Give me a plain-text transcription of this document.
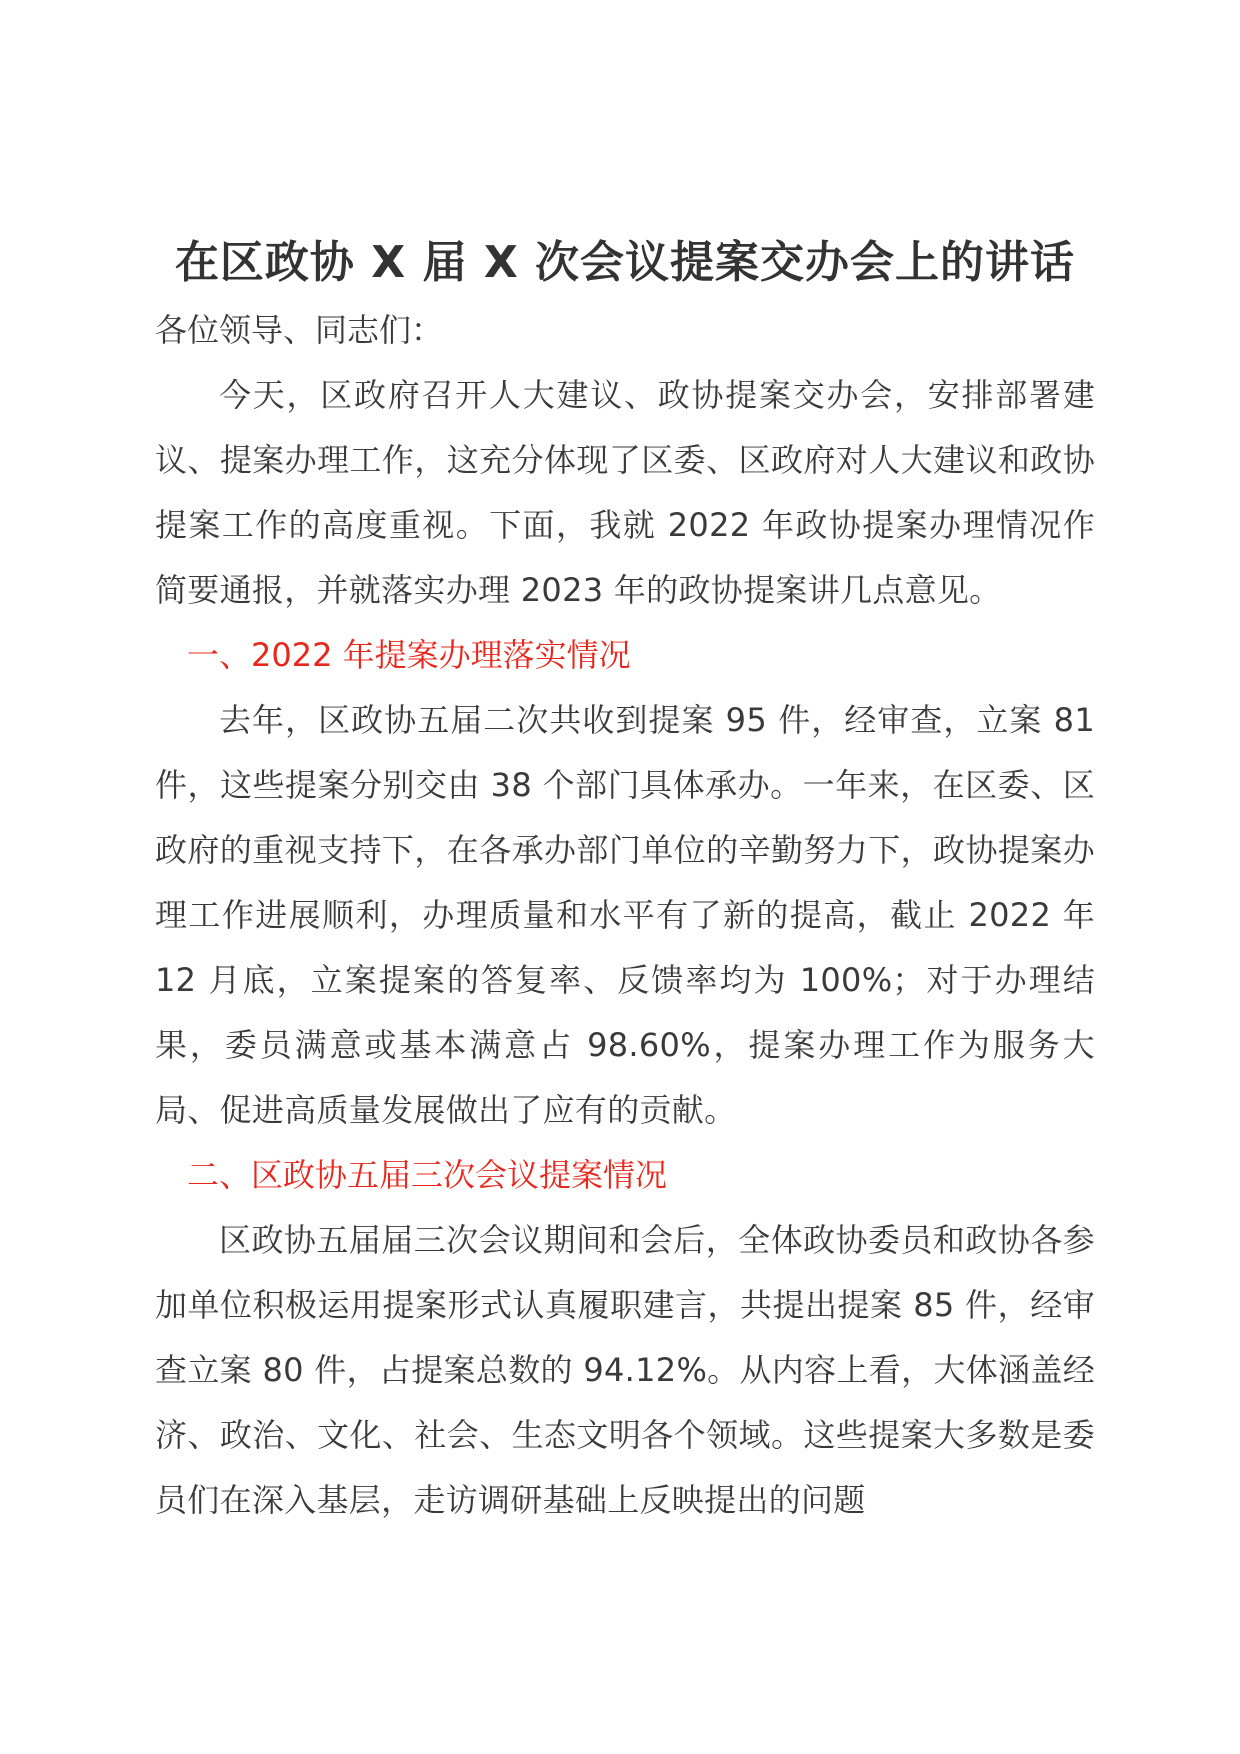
在区政协 X 届 X 次会议提案交办会上的讲话

各位领导、同志们：

今天，区政府召开人大建议、政协提案交办会，安排部署建议、提案办理工作，这充分体现了区委、区政府对人大建议和政协提案工作的高度重视。下面，我就 2022 年政协提案办理情况作简要通报，并就落实办理 2023 年的政协提案讲几点意见。

一、2022 年提案办理落实情况

去年，区政协五届二次共收到提案 95 件，经审查，立案 81 件，这些提案分别交由 38 个部门具体承办。一年来，在区委、区政府的重视支持下，在各承办部门单位的辛勤努力下，政协提案办理工作进展顺利，办理质量和水平有了新的提高，截止 2022 年 12 月底，立案提案的答复率、反馈率均为 100%；对于办理结果，委员满意或基本满意占 98.60%，提案办理工作为服务大局、促进高质量发展做出了应有的贡献。

二、区政协五届三次会议提案情况

区政协五届届三次会议期间和会后，全体政协委员和政协各参加单位积极运用提案形式认真履职建言，共提出提案 85 件，经审查立案 80 件，占提案总数的 94.12%。从内容上看，大体涵盖经济、政治、文化、社会、生态文明各个领域。这些提案大多数是委员们在深入基层，走访调研基础上反映提出的问题
